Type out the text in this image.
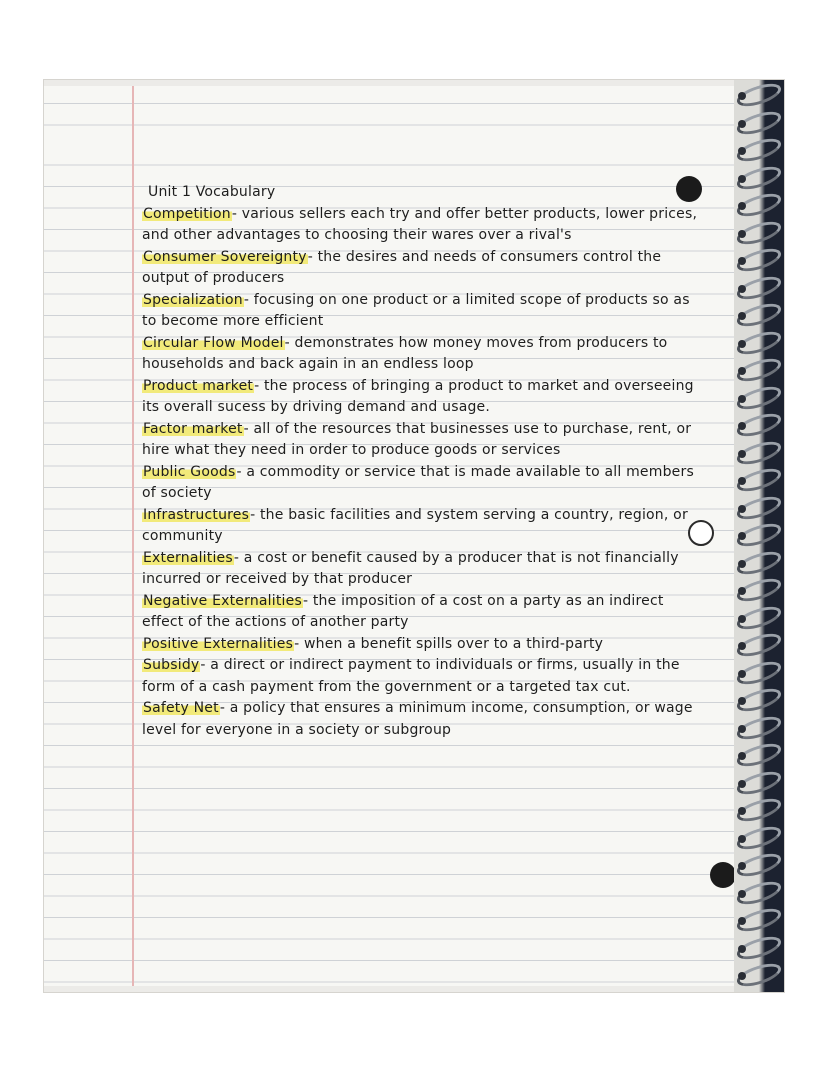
Unit 1 Vocabulary

Competition- various sellers each try and offer better products, lower prices, and other advantages to choosing their wares over a rival's

Consumer Sovereignty- the desires and needs of consumers control the output of producers

Specialization- focusing on one product or a limited scope of products so as to become more efficient

Circular Flow Model- demonstrates how money moves from producers to households and back again in an endless loop

Product market- the process of bringing a product to market and overseeing its overall sucess by driving demand and usage.

Factor market- all of the resources that businesses use to purchase, rent, or hire what they need in order to produce goods or services

Public Goods- a commodity or service that is made available to all members of society

Infrastructures- the basic facilities and system serving a country, region, or community

Externalities- a cost or benefit caused by a producer that is not financially incurred or received by that producer

Negative Externalities- the imposition of a cost on a party as an indirect effect of the actions of another party

Positive Externalities- when a benefit spills over to a third-party

Subsidy- a direct or indirect payment to individuals or firms, usually in the form of a cash payment from the government or a targeted tax cut.

Safety Net- a policy that ensures a minimum income, consumption, or wage level for everyone in a society or subgroup
